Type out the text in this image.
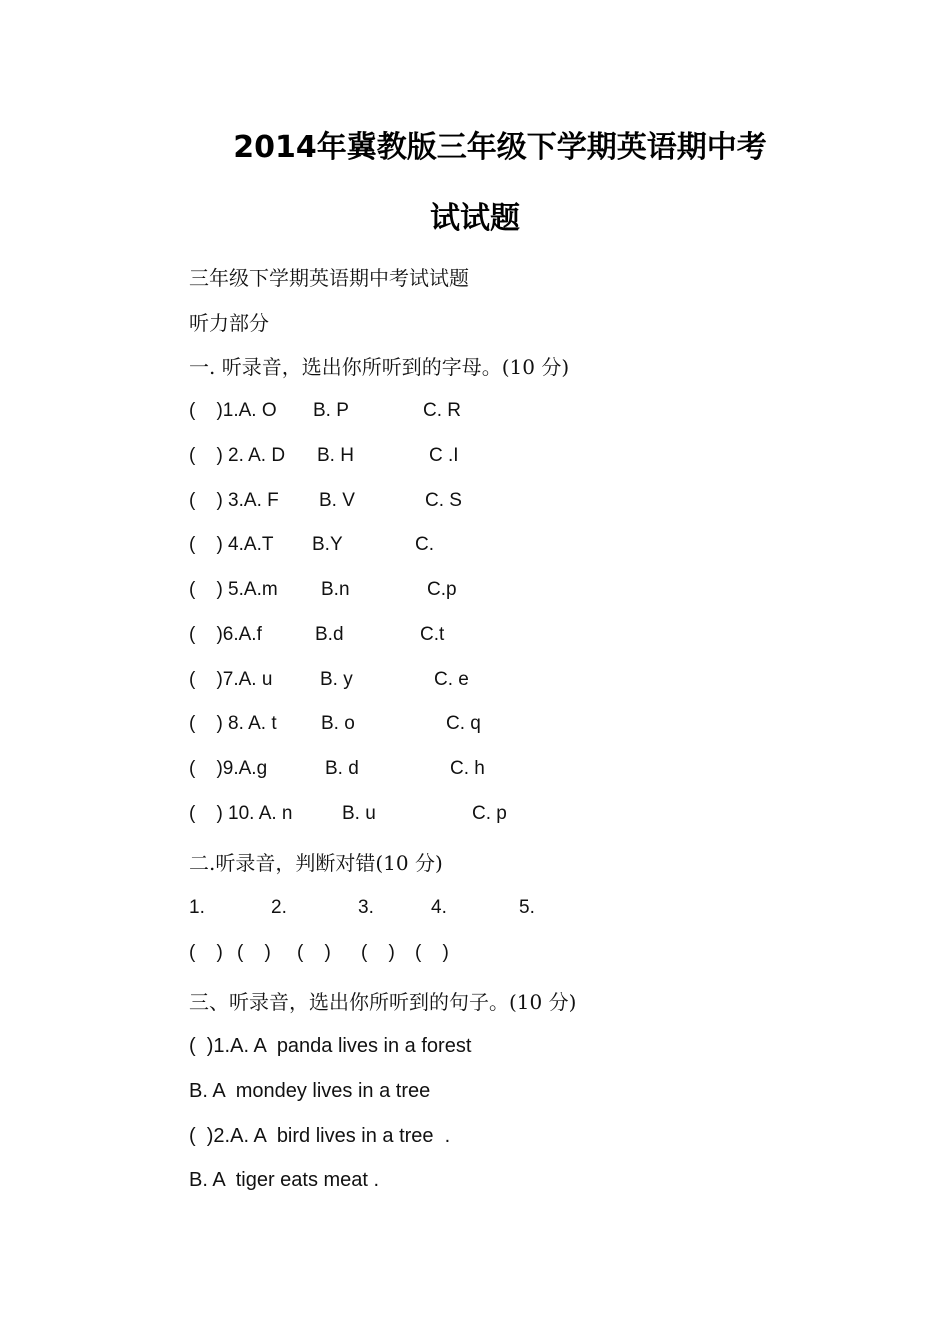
2014年冀教版三年级下学期英语期中考
试试题
三年级下学期英语期中考试试题
听力部分
一. 听录音，选出你所听到的字母。(10 分)
(    )1.A. O B. P	C. R
(    ) 2. A. D B. H	C .I
(    ) 3.A. F B. V	C. S
(    ) 4.A.T B.Y	C.
(    ) 5.A.m B.n	C.p
(    )6.A.f	B.d	C.t
(    )7.A. u	B. y	C. e
(    ) 8. A. t B. o	C. q
(    )9.A.g	B. d	C. h
(    ) 10. A. n	B. u	C. p
二.听录音，判断对错(10 分)
1.	2.	3.	4.	5.
(    ) (    ) (    ) (    ) (    )
三、听录音，选出你所听到的句子。(10 分)
(  )1.A. A  panda lives in a forest
B. A  mondey lives in a tree
(  )2.A. A  bird lives in a tree  .
B. A  tiger eats meat .
